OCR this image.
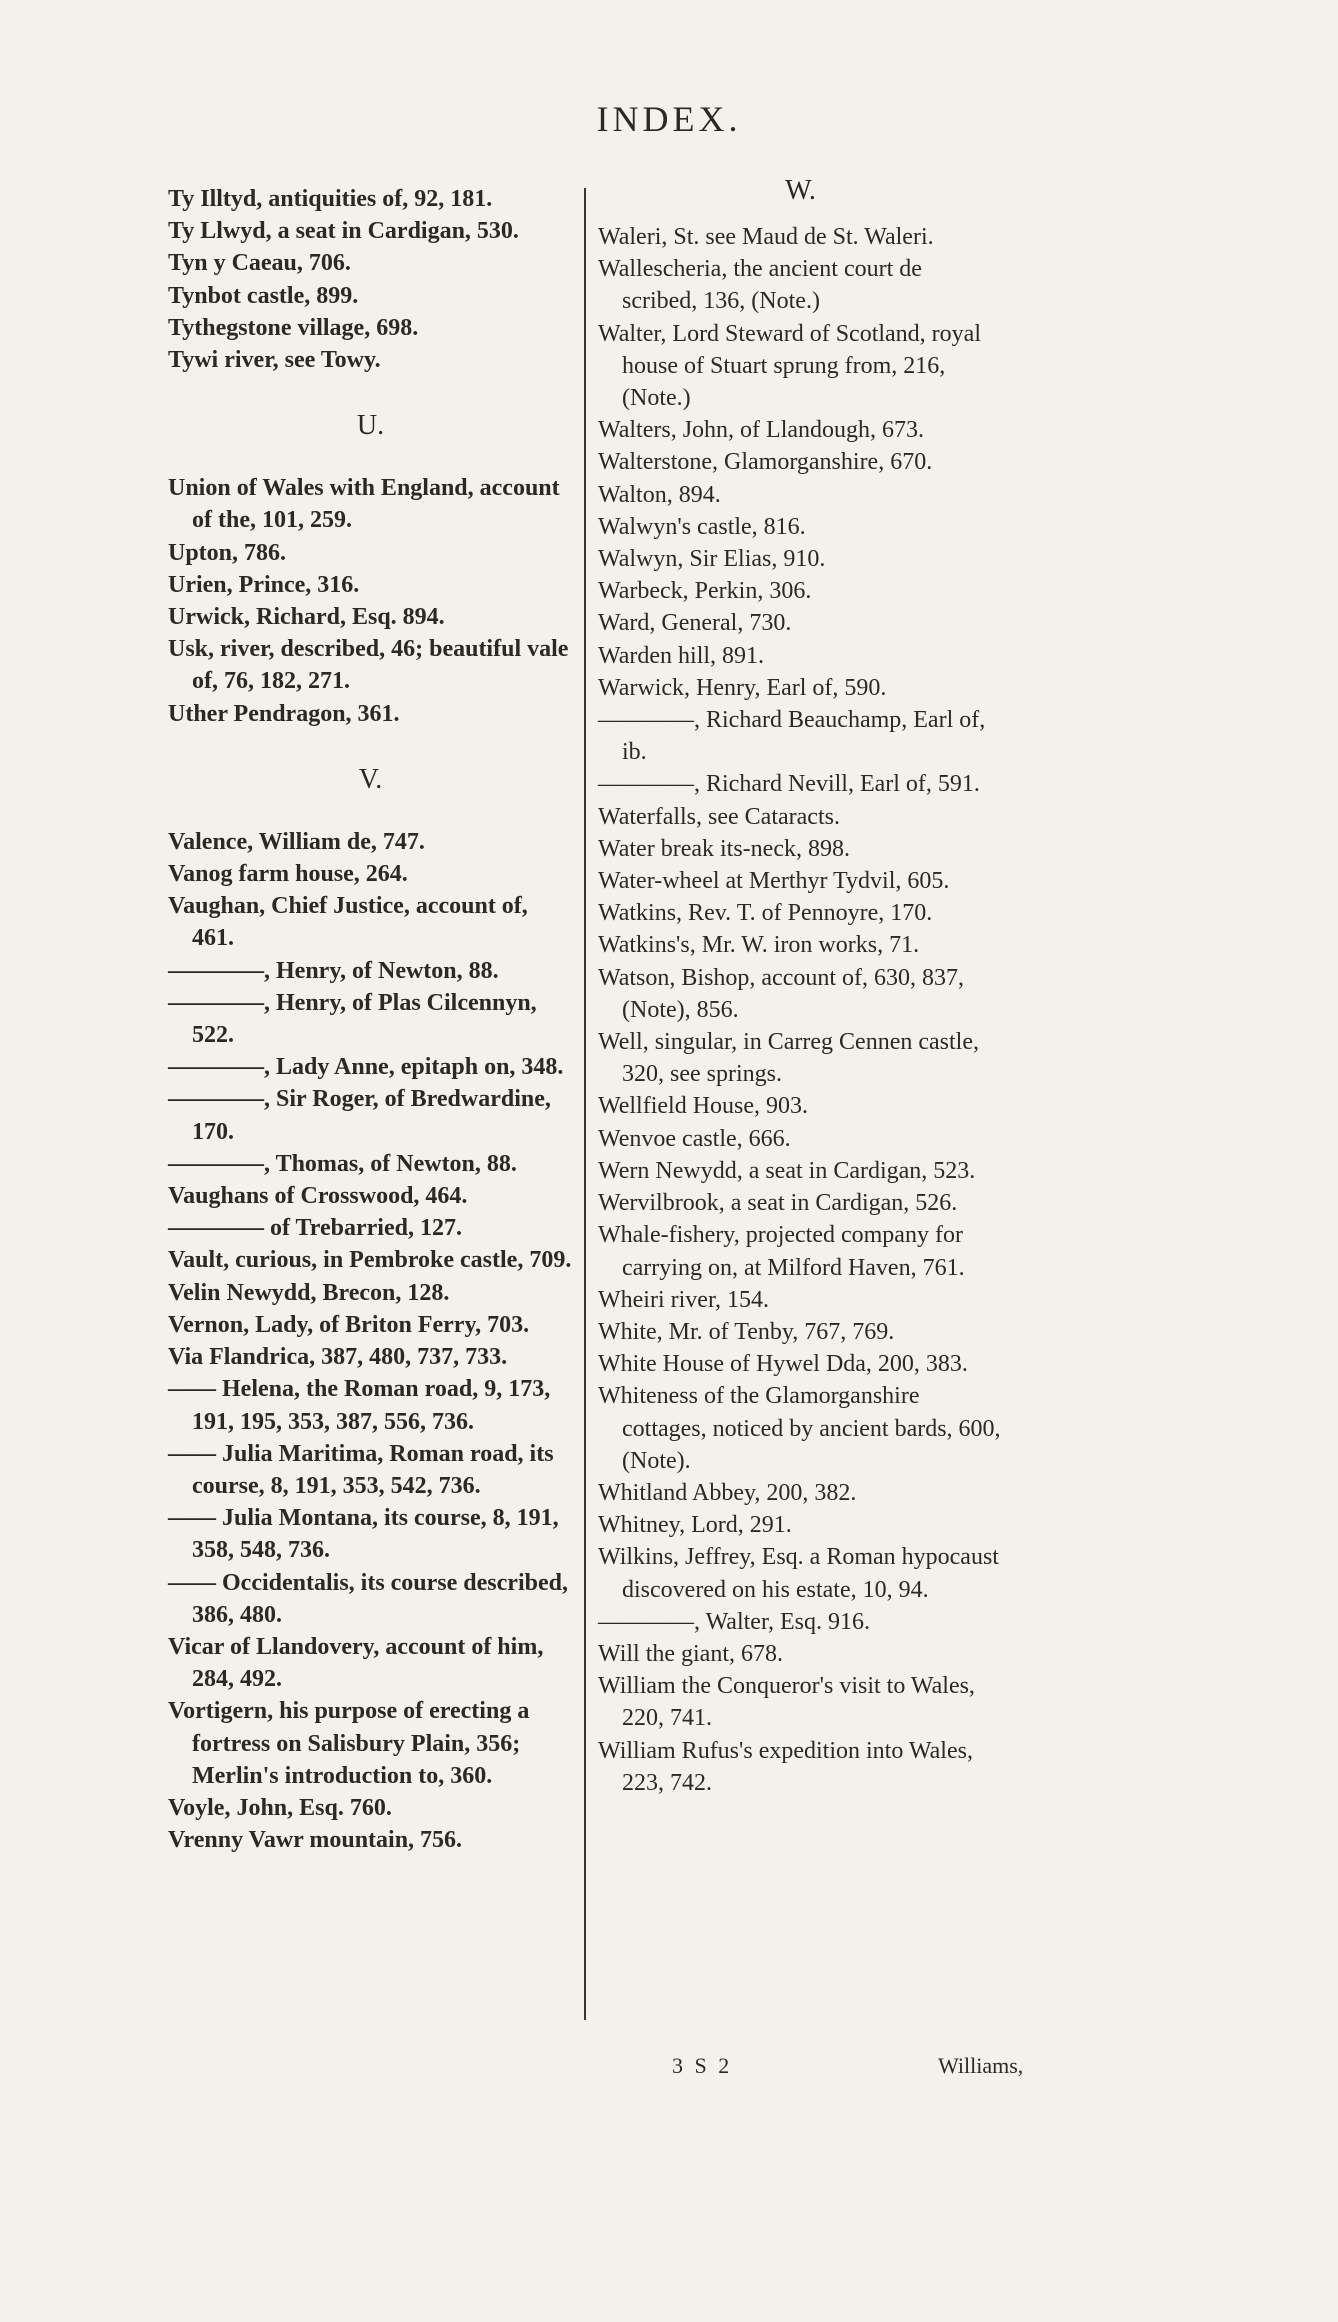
INDEX.
Ty Illtyd, antiquities of, 92, 181.
Ty Llwyd, a seat in Cardigan, 530.
Tyn y Caeau, 706.
Tynbot castle, 899.
Tythegstone village, 698.
Tywi river, see Towy.
U.
Union of Wales with England, account of the, 101, 259.
Upton, 786.
Urien, Prince, 316.
Urwick, Richard, Esq. 894.
Usk, river, described, 46; beautiful vale of, 76, 182, 271.
Uther Pendragon, 361.
V.
Valence, William de, 747.
Vanog farm house, 264.
Vaughan, Chief Justice, account of, 461.
————, Henry, of Newton, 88.
————, Henry, of Plas Cilcennyn, 522.
————, Lady Anne, epitaph on, 348.
————, Sir Roger, of Bredwardine, 170.
————, Thomas, of Newton, 88.
Vaughans of Crosswood, 464.
———— of Trebarried, 127.
Vault, curious, in Pembroke castle, 709.
Velin Newydd, Brecon, 128.
Vernon, Lady, of Briton Ferry, 703.
Via Flandrica, 387, 480, 737, 733.
—— Helena, the Roman road, 9, 173, 191, 195, 353, 387, 556, 736.
—— Julia Maritima, Roman road, its course, 8, 191, 353, 542, 736.
—— Julia Montana, its course, 8, 191, 358, 548, 736.
—— Occidentalis, its course described, 386, 480.
Vicar of Llandovery, account of him, 284, 492.
Vortigern, his purpose of erecting a fortress on Salisbury Plain, 356; Merlin's introduction to, 360.
Voyle, John, Esq. 760.
Vrenny Vawr mountain, 756.
W.
Waleri, St. see Maud de St. Waleri.
Wallescheria, the ancient court de scribed, 136, (Note.)
Walter, Lord Steward of Scotland, royal house of Stuart sprung from, 216, (Note.)
Walters, John, of Llandough, 673.
Walterstone, Glamorganshire, 670.
Walton, 894.
Walwyn's castle, 816.
Walwyn, Sir Elias, 910.
Warbeck, Perkin, 306.
Ward, General, 730.
Warden hill, 891.
Warwick, Henry, Earl of, 590.
————, Richard Beauchamp, Earl of, ib.
————, Richard Nevill, Earl of, 591.
Waterfalls, see Cataracts.
Water break its-neck, 898.
Water-wheel at Merthyr Tydvil, 605.
Watkins, Rev. T. of Pennoyre, 170.
Watkins's, Mr. W. iron works, 71.
Watson, Bishop, account of, 630, 837, (Note), 856.
Well, singular, in Carreg Cennen castle, 320, see springs.
Wellfield House, 903.
Wenvoe castle, 666.
Wern Newydd, a seat in Cardigan, 523.
Wervilbrook, a seat in Cardigan, 526.
Whale-fishery, projected company for carrying on, at Milford Haven, 761.
Wheiri river, 154.
White, Mr. of Tenby, 767, 769.
White House of Hywel Dda, 200, 383.
Whiteness of the Glamorganshire cottages, noticed by ancient bards, 600, (Note).
Whitland Abbey, 200, 382.
Whitney, Lord, 291.
Wilkins, Jeffrey, Esq. a Roman hypocaust discovered on his estate, 10, 94.
————, Walter, Esq. 916.
Will the giant, 678.
William the Conqueror's visit to Wales, 220, 741.
William Rufus's expedition into Wales, 223, 742.
3 S 2	Williams,
